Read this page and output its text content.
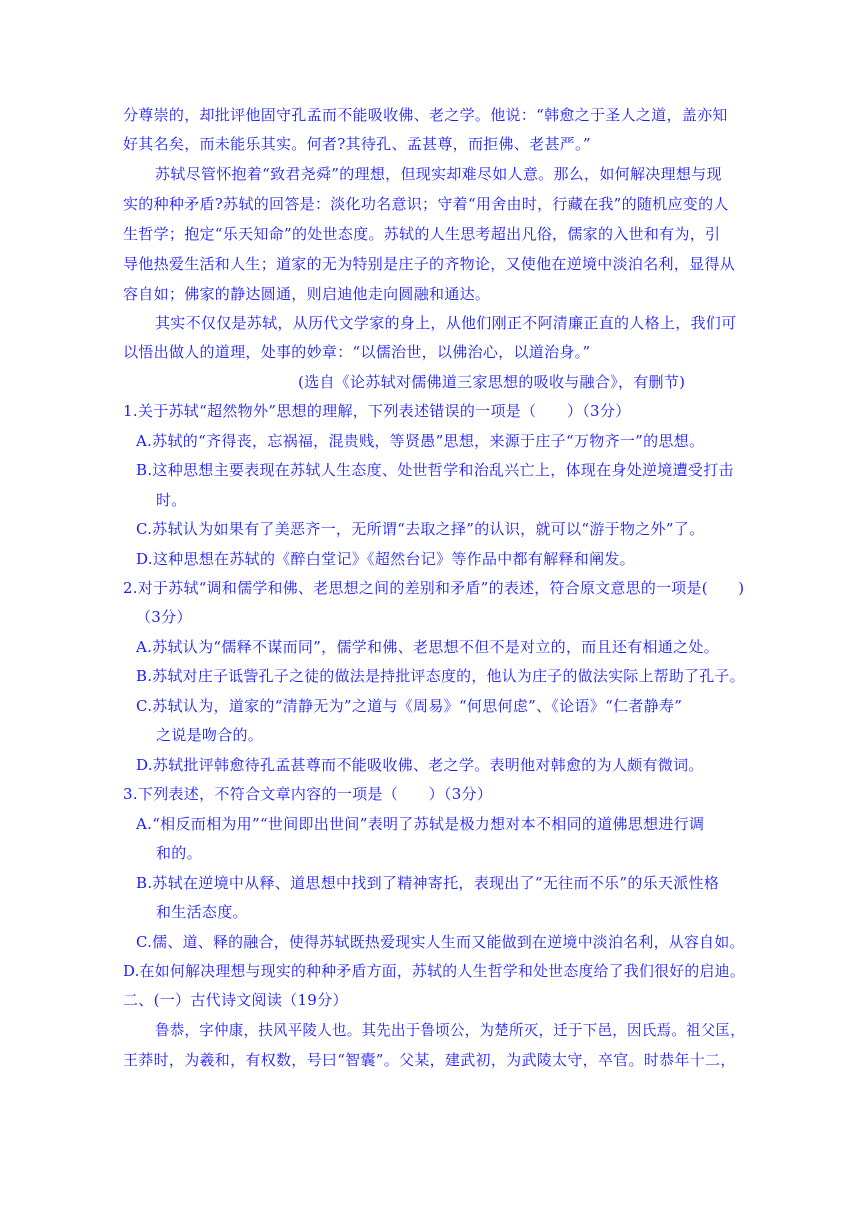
分尊崇的，却批评他固守孔孟而不能吸收佛、老之学。他说：“韩愈之于圣人之道，盖亦知
好其名矣，而未能乐其实。何者?其待孔、孟甚尊，而拒佛、老甚严。”
苏轼尽管怀抱着“致君尧舜”的理想，但现实却难尽如人意。那么，如何解决理想与现
实的种种矛盾?苏轼的回答是：淡化功名意识；守着“用舍由时，行藏在我”的随机应变的人
生哲学；抱定“乐天知命”的处世态度。苏轼的人生思考超出凡俗，儒家的入世和有为，引
导他热爱生活和人生；道家的无为特别是庄子的齐物论，又使他在逆境中淡泊名利，显得从
容自如；佛家的静达圆通，则启迪他走向圆融和通达。
其实不仅仅是苏轼，从历代文学家的身上，从他们刚正不阿清廉正直的人格上，我们可
以悟出做人的道理，处事的妙章：“以儒治世，以佛治心，以道治身。”
(选自《论苏轼对儒佛道三家思想的吸收与融合》，有删节)
1.关于苏轼“超然物外”思想的理解，下列表述错误的一项是（　　）（3分）
A.苏轼的“齐得丧，忘祸福，混贵贱，等贤愚”思想，来源于庄子“万物齐一”的思想。
B.这种思想主要表现在苏轼人生态度、处世哲学和治乱兴亡上，体现在身处逆境遭受打击
时。
C.苏轼认为如果有了美恶齐一，无所谓“去取之择”的认识，就可以“游于物之外”了。
D.这种思想在苏轼的《醉白堂记》《超然台记》等作品中都有解释和阐发。
2.对于苏轼“调和儒学和佛、老思想之间的差别和矛盾”的表述，符合原文意思的一项是(　　)
（3分）
A.苏轼认为“儒释不谋而同”，儒学和佛、老思想不但不是对立的，而且还有相通之处。
B.苏轼对庄子诋訾孔子之徒的做法是持批评态度的，他认为庄子的做法实际上帮助了孔子。
C.苏轼认为，道家的“清静无为”之道与《周易》“何思何虑”、《论语》“仁者静寿”
之说是吻合的。
D.苏轼批评韩愈待孔孟甚尊而不能吸收佛、老之学。表明他对韩愈的为人颇有微词。
3.下列表述，不符合文章内容的一项是（　　）（3分）
A.“相反而相为用”“世间即出世间”表明了苏轼是极力想对本不相同的道佛思想进行调
和的。
B.苏轼在逆境中从释、道思想中找到了精神寄托，表现出了“无往而不乐”的乐天派性格
和生活态度。
C.儒、道、释的融合，使得苏轼既热爱现实人生而又能做到在逆境中淡泊名利，从容自如。
D.在如何解决理想与现实的种种矛盾方面，苏轼的人生哲学和处世态度给了我们很好的启迪。
二、(一）古代诗文阅读（19分）
鲁恭，字仲康，扶风平陵人也。其先出于鲁顷公，为楚所灭，迁于下邑，因氏焉。祖父匡，
王莽时，为羲和，有权数，号曰“智囊”。父某，建武初，为武陵太守，卒官。时恭年十二，
